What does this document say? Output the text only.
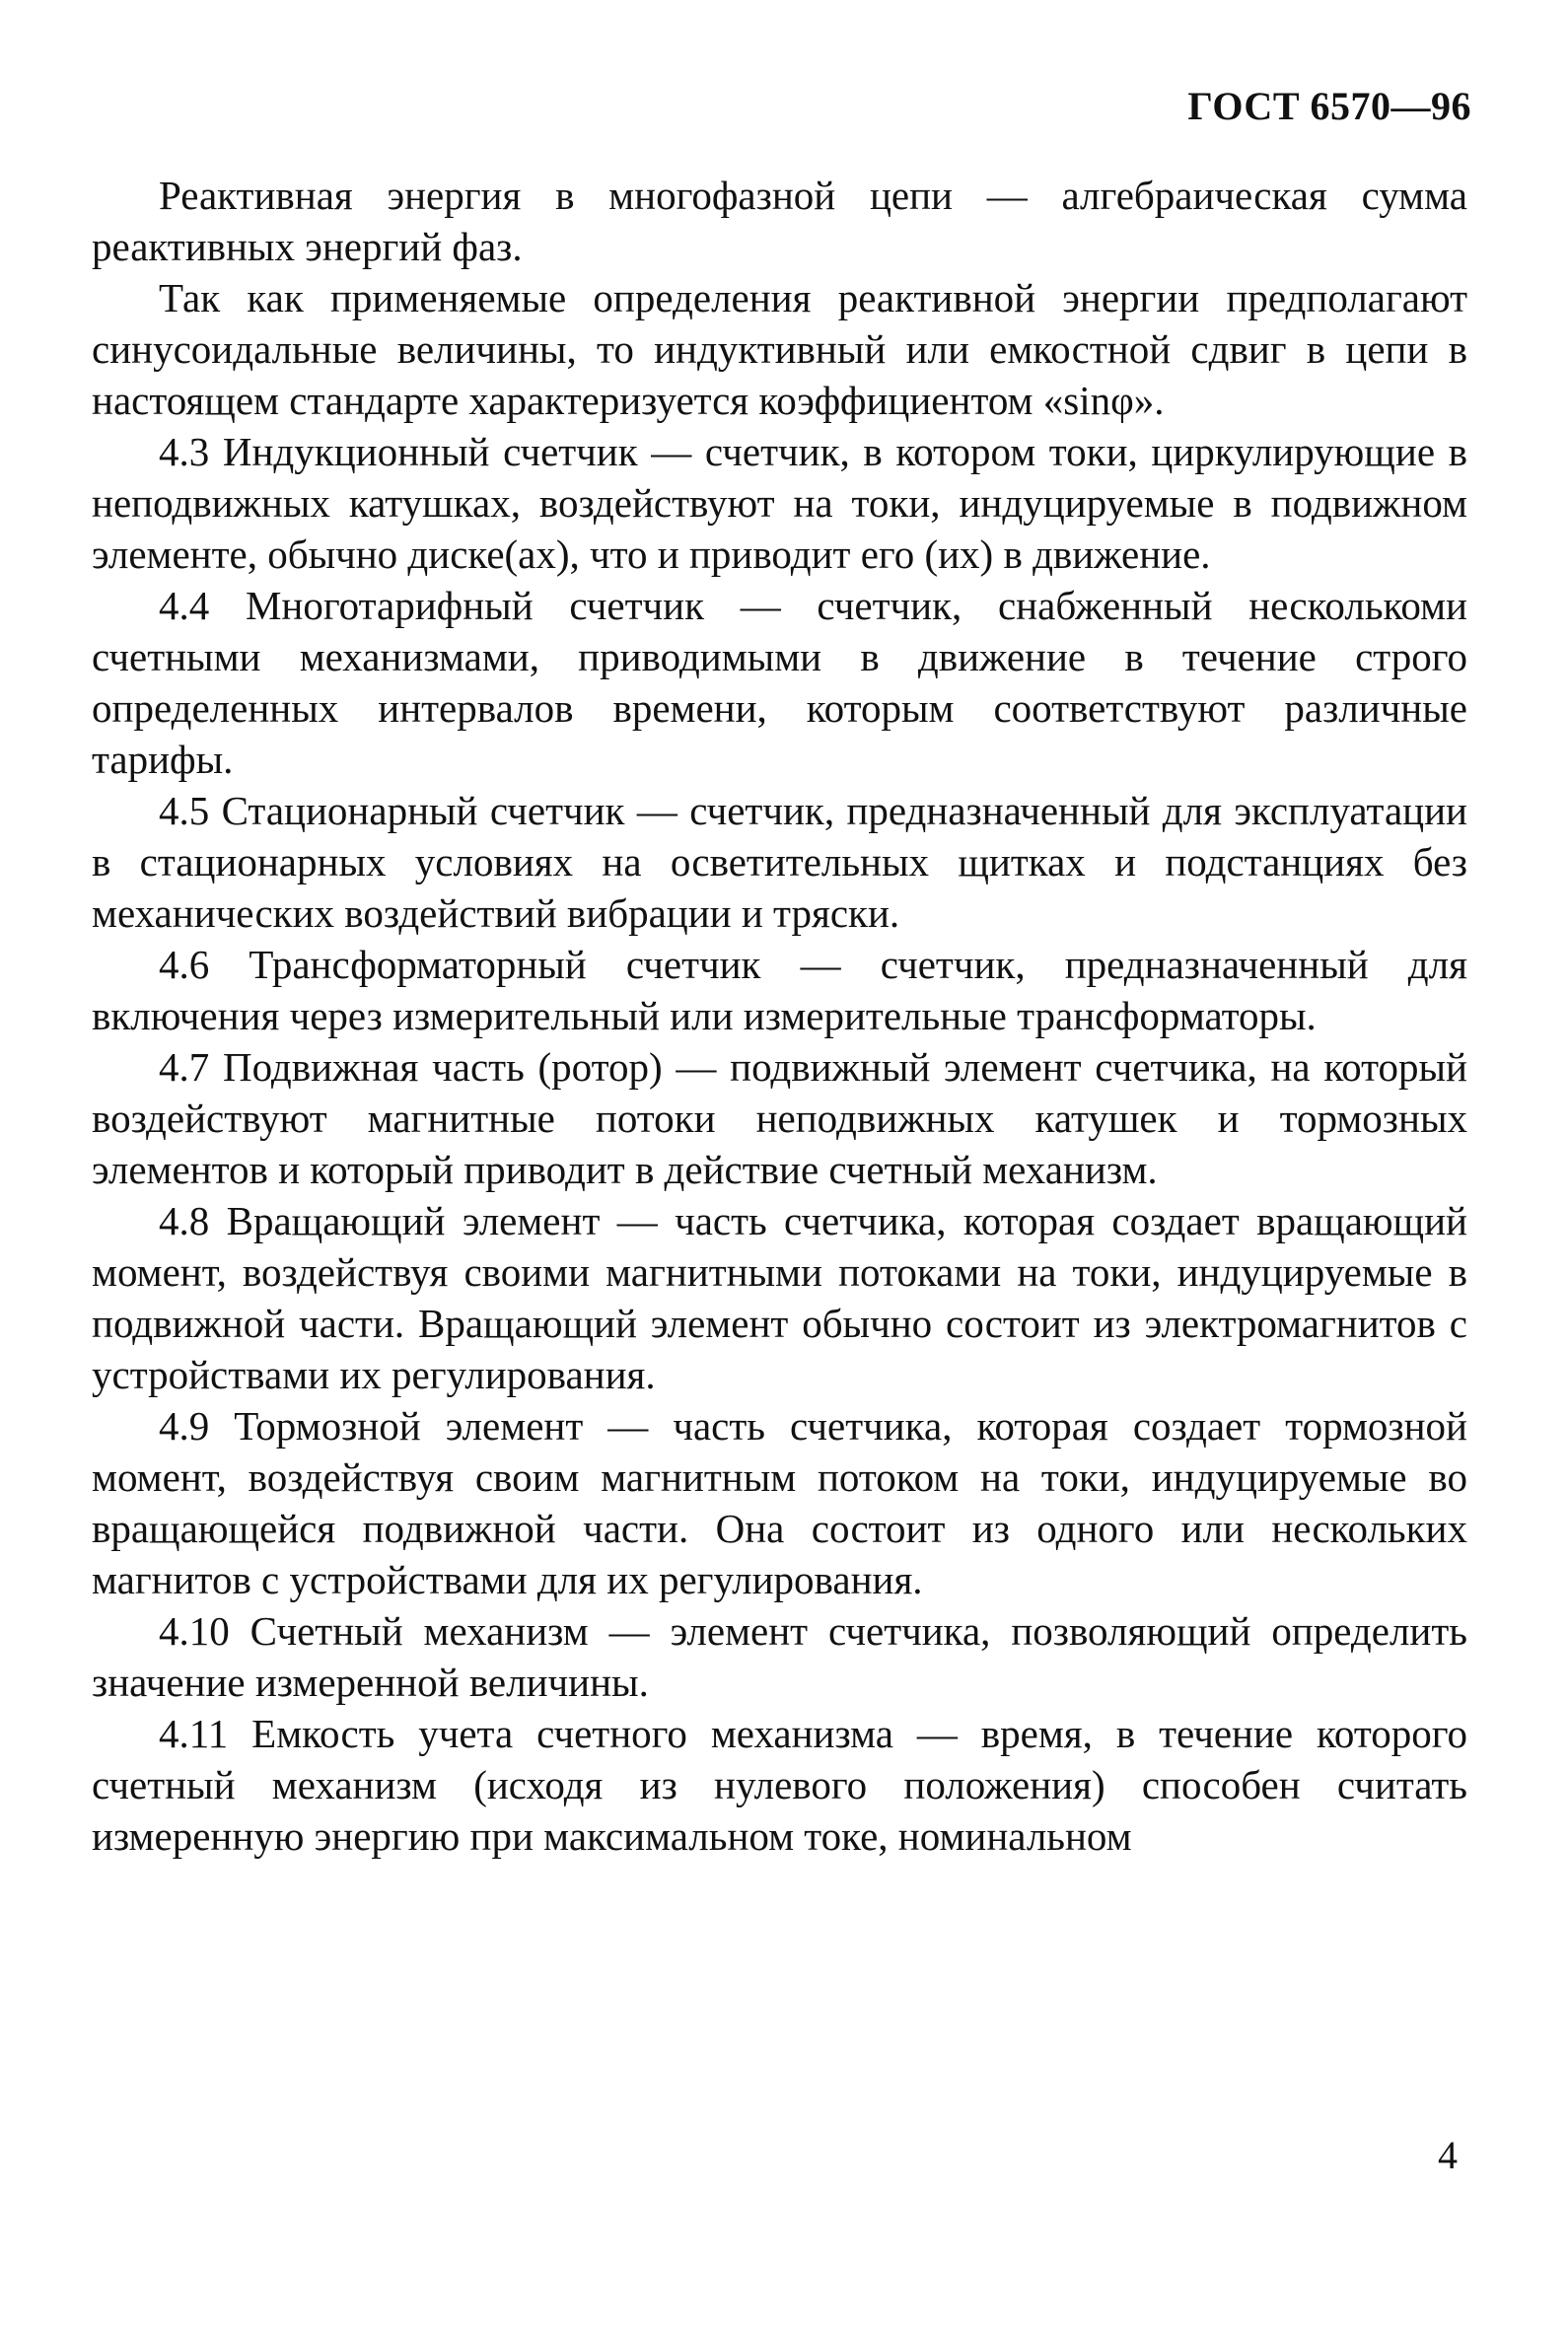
ГОСТ 6570—96

Реактивная энергия в многофазной цепи — алгебраическая сумма реактивных энергий фаз.

Так как применяемые определения реактивной энергии предполагают синусоидальные величины, то индуктивный или емкостной сдвиг в цепи в настоящем стандарте характеризуется коэффициентом «sinφ».

4.3 Индукционный счетчик — счетчик, в котором токи, циркулирующие в неподвижных катушках, воздействуют на токи, индуцируемые в подвижном элементе, обычно диске(ах), что и приводит его (их) в движение.

4.4 Многотарифный счетчик — счетчик, снабженный несколькоми счетными механизмами, приводимыми в движение в течение строго определенных интервалов времени, которым соответствуют различные тарифы.

4.5 Стационарный счетчик — счетчик, предназначенный для эксплуатации в стационарных условиях на осветительных щитках и подстанциях без механических воздействий вибрации и тряски.

4.6 Трансформаторный счетчик — счетчик, предназначенный для включения через измерительный или измерительные трансформаторы.

4.7 Подвижная часть (ротор) — подвижный элемент счетчика, на который воздействуют магнитные потоки неподвижных катушек и тормозных элементов и который приводит в действие счетный механизм.

4.8 Вращающий элемент — часть счетчика, которая создает вращающий момент, воздействуя своими магнитными потоками на токи, индуцируемые в подвижной части. Вращающий элемент обычно состоит из электромагнитов с устройствами их регулирования.

4.9 Тормозной элемент — часть счетчика, которая создает тормозной момент, воздействуя своим магнитным потоком на токи, индуцируемые во вращающейся подвижной части. Она состоит из одного или нескольких магнитов с устройствами для их регулирования.

4.10 Счетный механизм — элемент счетчика, позволяющий определить значение измеренной величины.

4.11 Емкость учета счетного механизма — время, в течение которого счетный механизм (исходя из нулевого положения) способен считать измеренную энергию при максимальном токе, номинальном

4
